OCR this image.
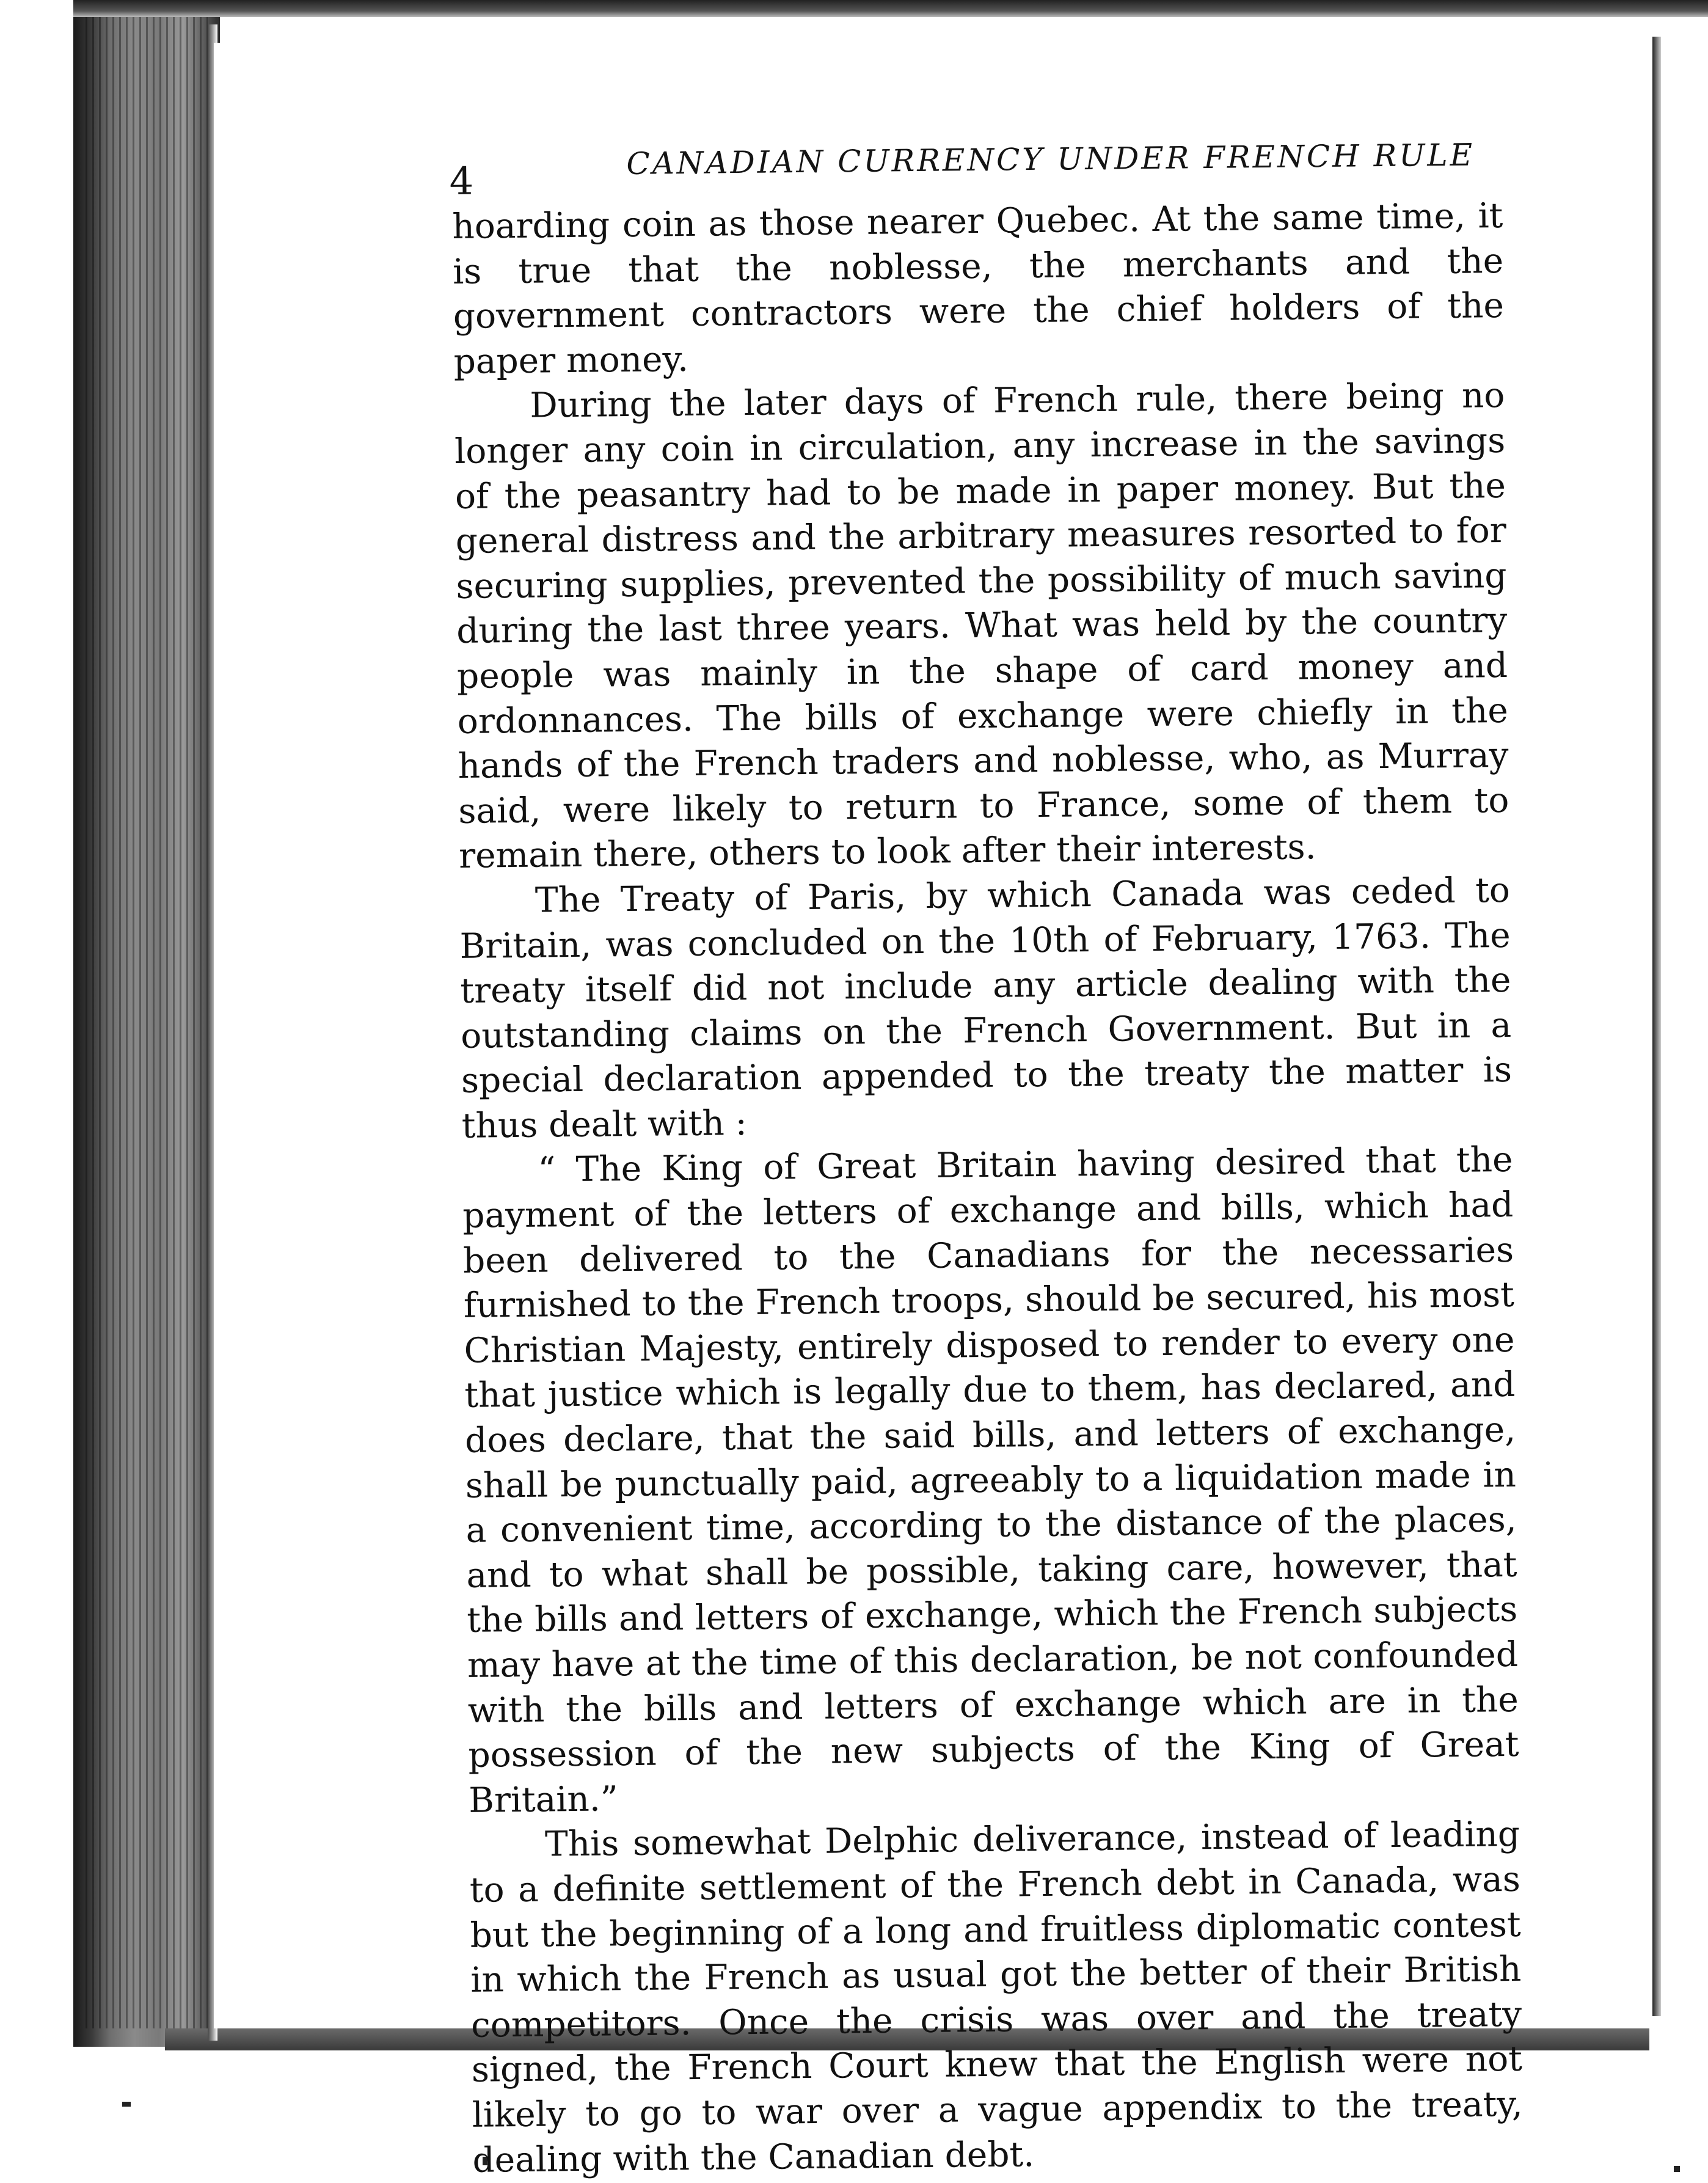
4	CANADIAN CURRENCY UNDER FRENCH RULE

hoarding coin as those nearer Quebec. At the same time, it is true that the noblesse, the merchants and the government contractors were the chief holders of the paper money.

During the later days of French rule, there being no longer any coin in circulation, any increase in the savings of the peasantry had to be made in paper money. But the general distress and the arbitrary measures resorted to for securing supplies, prevented the possibility of much saving during the last three years. What was held by the country people was mainly in the shape of card money and ordonnances. The bills of exchange were chiefly in the hands of the French traders and noblesse, who, as Murray said, were likely to return to France, some of them to remain there, others to look after their interests.

The Treaty of Paris, by which Canada was ceded to Britain, was concluded on the 10th of February, 1763. The treaty itself did not include any article dealing with the outstanding claims on the French Government. But in a special declaration appended to the treaty the matter is thus dealt with :

“ The King of Great Britain having desired that the payment of the letters of exchange and bills, which had been delivered to the Canadians for the necessaries furnished to the French troops, should be secured, his most Christian Majesty, entirely disposed to render to every one that justice which is legally due to them, has declared, and does declare, that the said bills, and letters of exchange, shall be punctually paid, agreeably to a liquidation made in a convenient time, according to the distance of the places, and to what shall be possible, taking care, however, that the bills and letters of exchange, which the French subjects may have at the time of this declaration, be not confounded with the bills and letters of exchange which are in the possession of the new subjects of the King of Great Britain.”

This somewhat Delphic deliverance, instead of leading to a definite settlement of the French debt in Canada, was but the beginning of a long and fruitless diplomatic contest in which the French as usual got the better of their British competitors. Once the crisis was over and the treaty signed, the French Court knew that the English were not likely to go to war over a vague appendix to the treaty, dealing with the Canadian debt.
